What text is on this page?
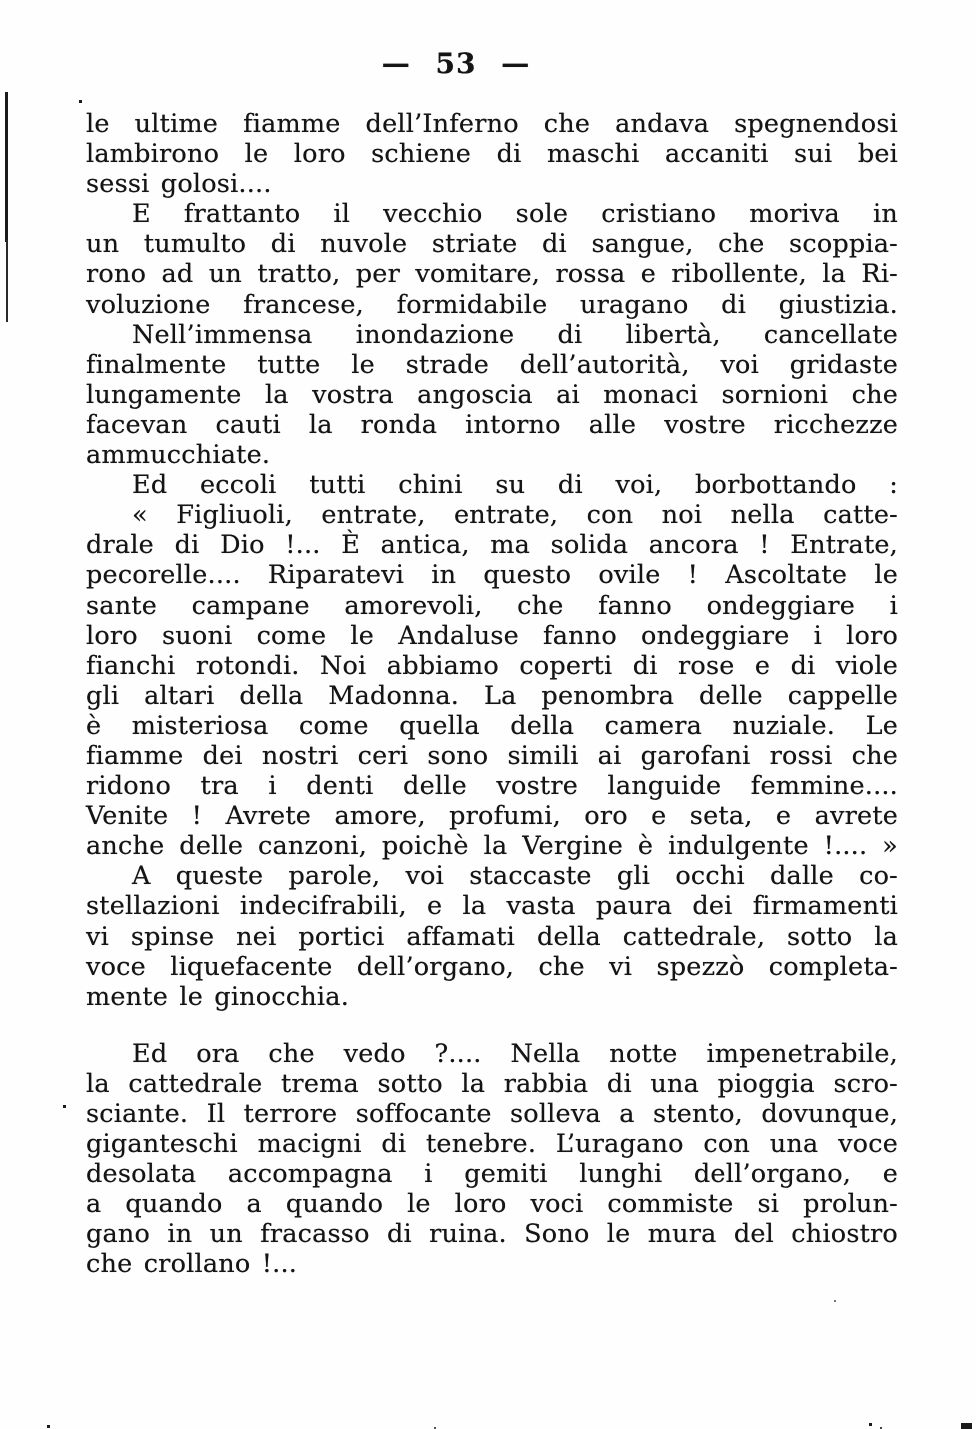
— 53 —
le ultime fiamme dell’Inferno che andava spegnendosi
lambirono le loro schiene di maschi accaniti sui bei
sessi golosi....
E frattanto il vecchio sole cristiano moriva in
un tumulto di nuvole striate di sangue, che scoppia-
rono ad un tratto, per vomitare, rossa e ribollente, la Ri-
voluzione francese, formidabile uragano di giustizia.
Nell’immensa inondazione di libertà, cancellate
finalmente tutte le strade dell’autorità, voi gridaste
lungamente la vostra angoscia ai monaci sornioni che
facevan cauti la ronda intorno alle vostre ricchezze
ammucchiate.
Ed eccoli tutti chini su di voi, borbottando :
« Figliuoli, entrate, entrate, con noi nella catte-
drale di Dio !... È antica, ma solida ancora ! Entrate,
pecorelle.... Riparatevi in questo ovile ! Ascoltate le
sante campane amorevoli, che fanno ondeggiare i
loro suoni come le Andaluse fanno ondeggiare i loro
fianchi rotondi. Noi abbiamo coperti di rose e di viole
gli altari della Madonna. La penombra delle cappelle
è misteriosa come quella della camera nuziale. Le
fiamme dei nostri ceri sono simili ai garofani rossi che
ridono tra i denti delle vostre languide femmine....
Venite ! Avrete amore, profumi, oro e seta, e avrete
anche delle canzoni, poichè la Vergine è indulgente !.... »
A queste parole, voi staccaste gli occhi dalle co-
stellazioni indecifrabili, e la vasta paura dei firmamenti
vi spinse nei portici affamati della cattedrale, sotto la
voce liquefacente dell’organo, che vi spezzò completa-
mente le ginocchia.
Ed ora che vedo ?.... Nella notte impenetrabile,
la cattedrale trema sotto la rabbia di una pioggia scro-
sciante. Il terrore soffocante solleva a stento, dovunque,
giganteschi macigni di tenebre. L’uragano con una voce
desolata accompagna i gemiti lunghi dell’organo, e
a quando a quando le loro voci commiste si prolun-
gano in un fracasso di ruina. Sono le mura del chiostro
che crollano !...
